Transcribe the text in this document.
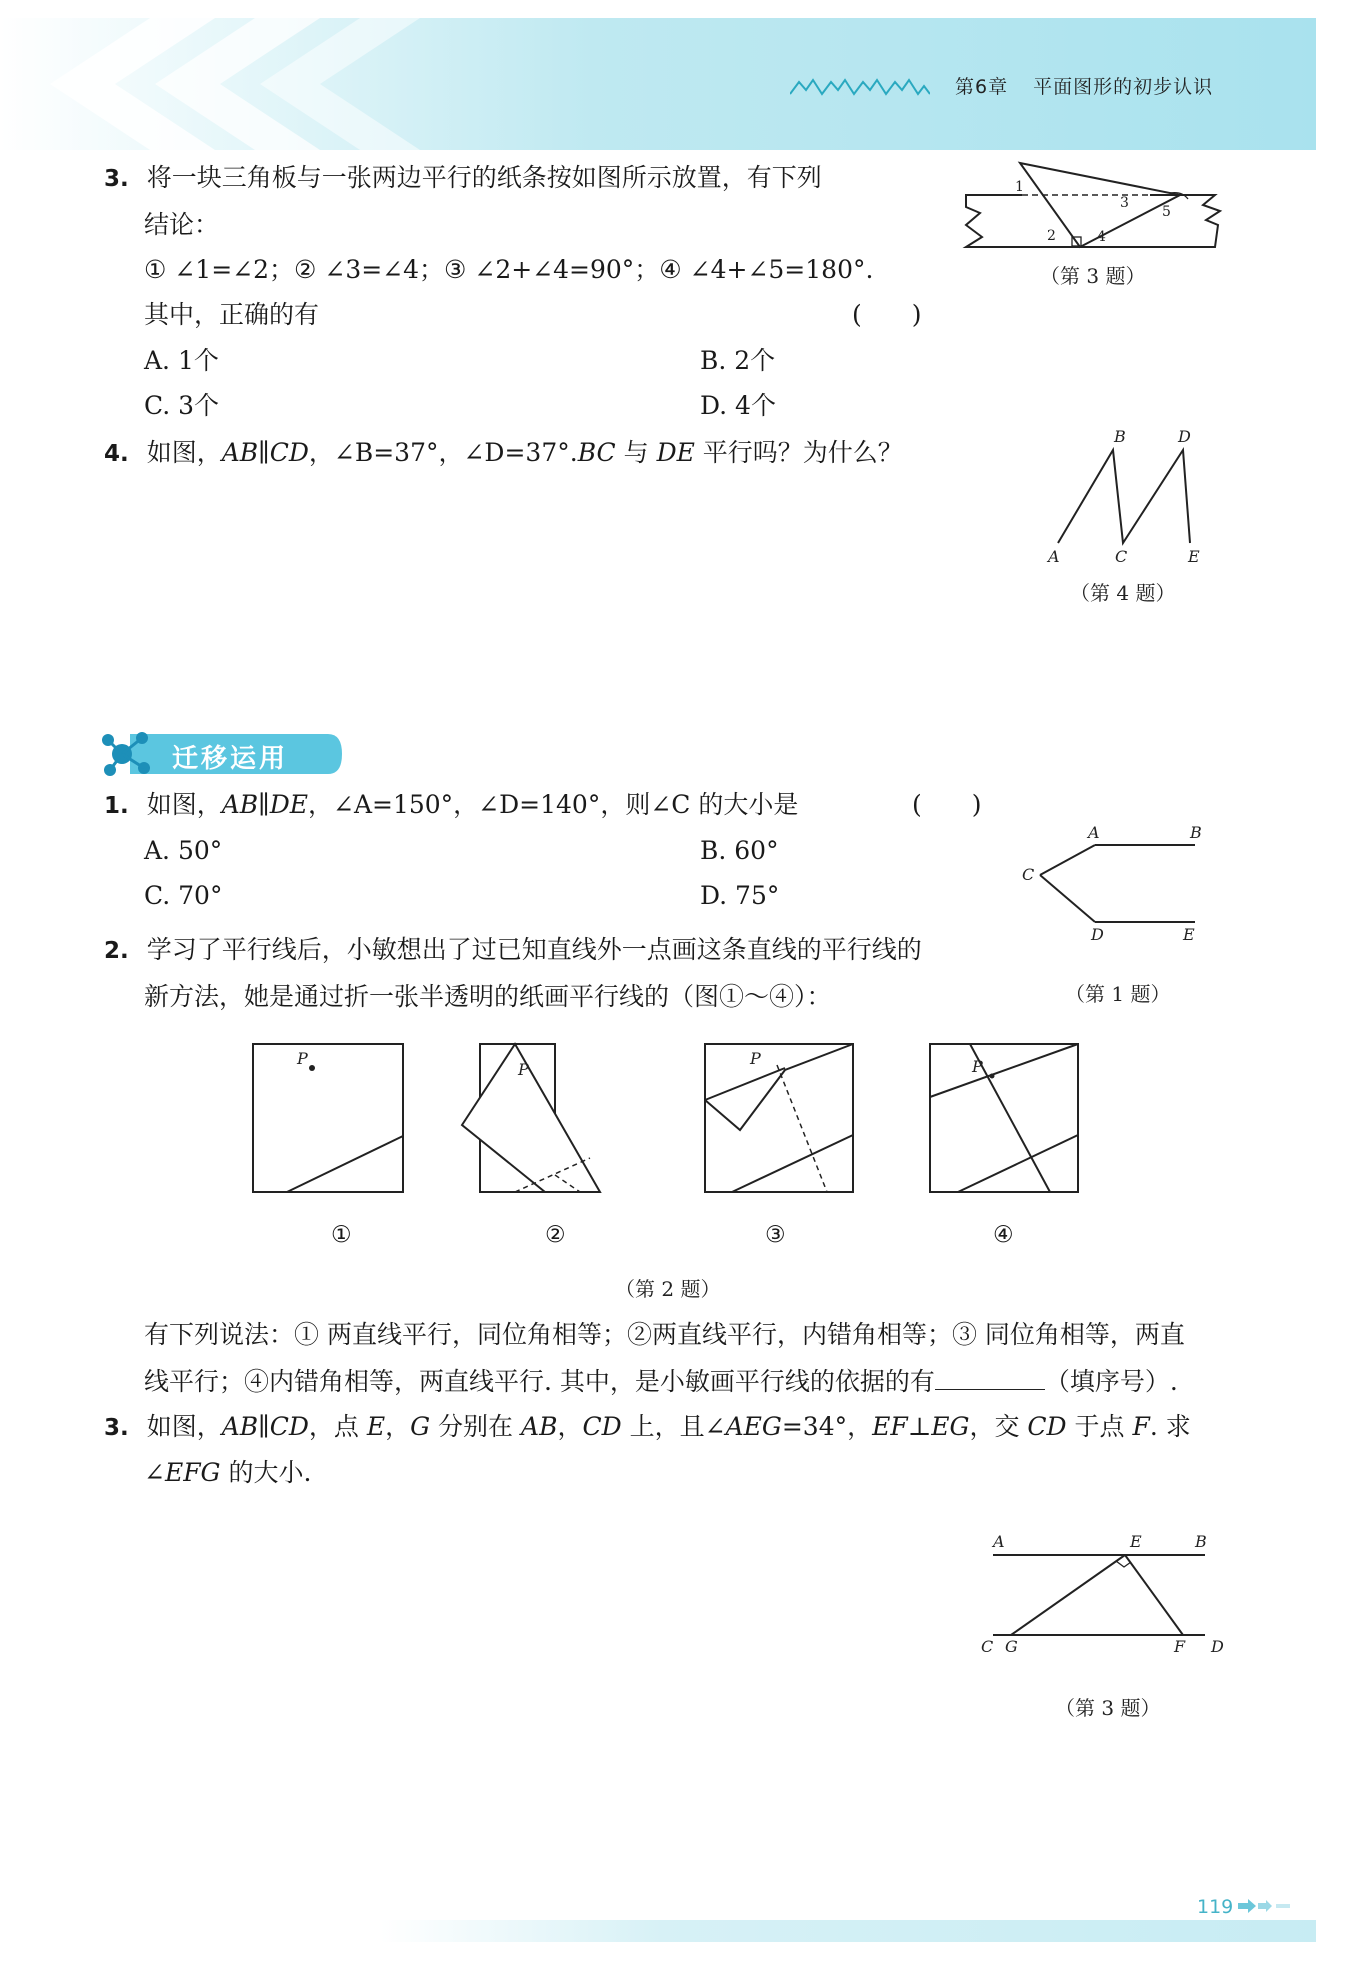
第6章 平面图形的初步认识
3. 将一块三角板与一张两边平行的纸条按如图所示放置，有下列
结论：
① ∠1=∠2；② ∠3=∠4；③ ∠2+∠4=90°；④ ∠4+∠5=180°.
其中，正确的有	(　　)
A. 1个	B. 2个
C. 3个	D. 4个
1
2
3
4
5
（第 3 题）
4. 如图，AB∥CD，∠B=37°，∠D=37°.BC 与 DE 平行吗？为什么？
A
B
C
D
E
（第 4 题）
迁移运用
1. 如图，AB∥DE，∠A=150°，∠D=140°，则∠C 的大小是	(　　)
A. 50°	B. 60°
C. 70°	D. 75°
A	B
C
D	E
（第 1 题）
2. 学习了平行线后，小敏想出了过已知直线外一点画这条直线的平行线的
新方法，她是通过折一张半透明的纸画平行线的（图①～④）：
P
P
P	P
①	②	③	④
（第 2 题）
有下列说法：① 两直线平行，同位角相等；②两直线平行，内错角相等；③ 同位角相等，两直
线平行；④内错角相等，两直线平行. 其中，是小敏画平行线的依据的有	（填序号）.
3. 如图，AB∥CD，点 E，G 分别在 AB，CD 上，且∠AEG=34°，EF⊥EG，交 CD 于点 F. 求
∠EFG 的大小.
A	E	B
C G	F D
（第 3 题）
119
